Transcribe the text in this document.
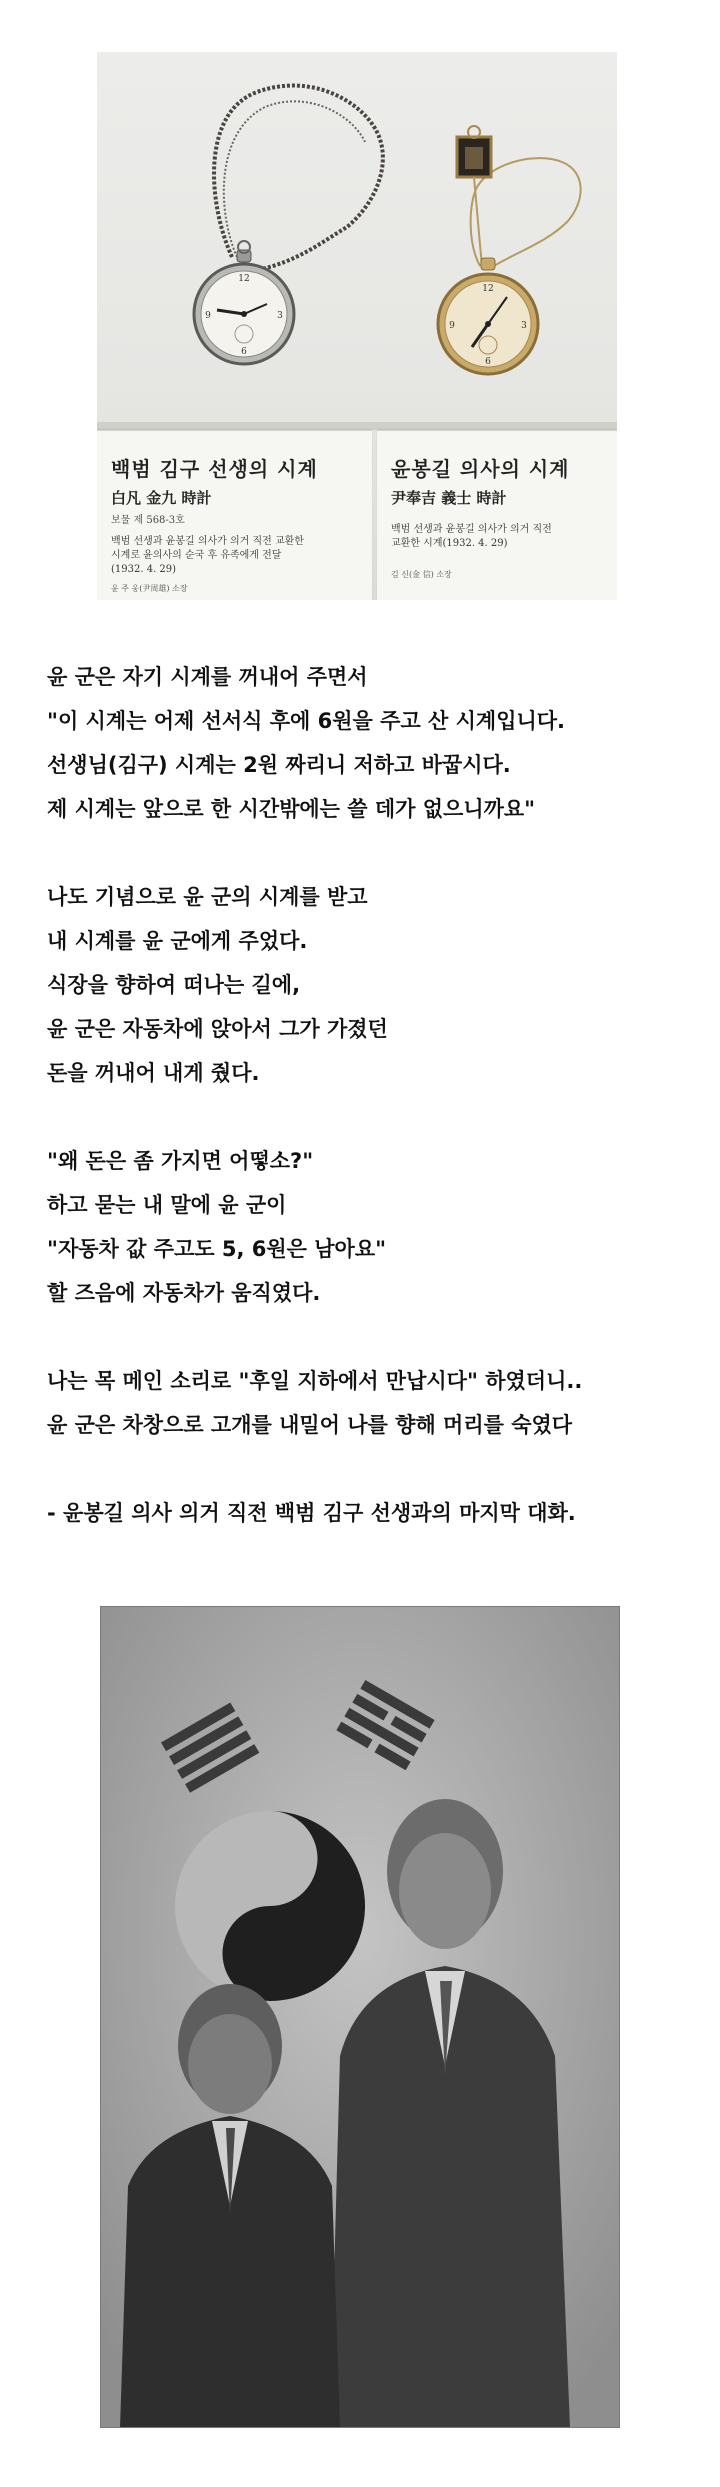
12
3
6
9
12
3
6
9
백범 김구 선생의 시계
白凡 金九 時計
보물 제 568-3호
백범 선생과 윤봉길 의사가 의거 직전 교환한
시계로 윤의사의 순국 후 유족에게 전달
(1932. 4. 29)
윤 주 웅(尹周雄) 소장
윤봉길 의사의 시계
尹奉吉 義士 時計
백범 선생과 윤봉길 의사가 의거 직전
교환한 시계(1932. 4. 29)
김 신(金 信) 소장
윤 군은 자기 시계를 꺼내어 주면서
"이 시계는 어제 선서식 후에 6원을 주고 산 시계입니다.
선생님(김구) 시계는 2원 짜리니 저하고 바꿉시다.
제 시계는 앞으로 한 시간밖에는 쓸 데가 없으니까요"
나도 기념으로 윤 군의 시계를 받고
내 시계를 윤 군에게 주었다.
식장을 향하여 떠나는 길에,
윤 군은 자동차에 앉아서 그가 가졌던
돈을 꺼내어 내게 줬다.
"왜 돈은 좀 가지면 어떻소?"
하고 묻는 내 말에 윤 군이
"자동차 값 주고도 5, 6원은 남아요"
할 즈음에 자동차가 움직였다.
나는 목 메인 소리로 "후일 지하에서 만납시다" 하였더니..
윤 군은 차창으로 고개를 내밀어 나를 향해 머리를 숙였다
- 윤봉길 의사 의거 직전 백범 김구 선생과의 마지막 대화.
